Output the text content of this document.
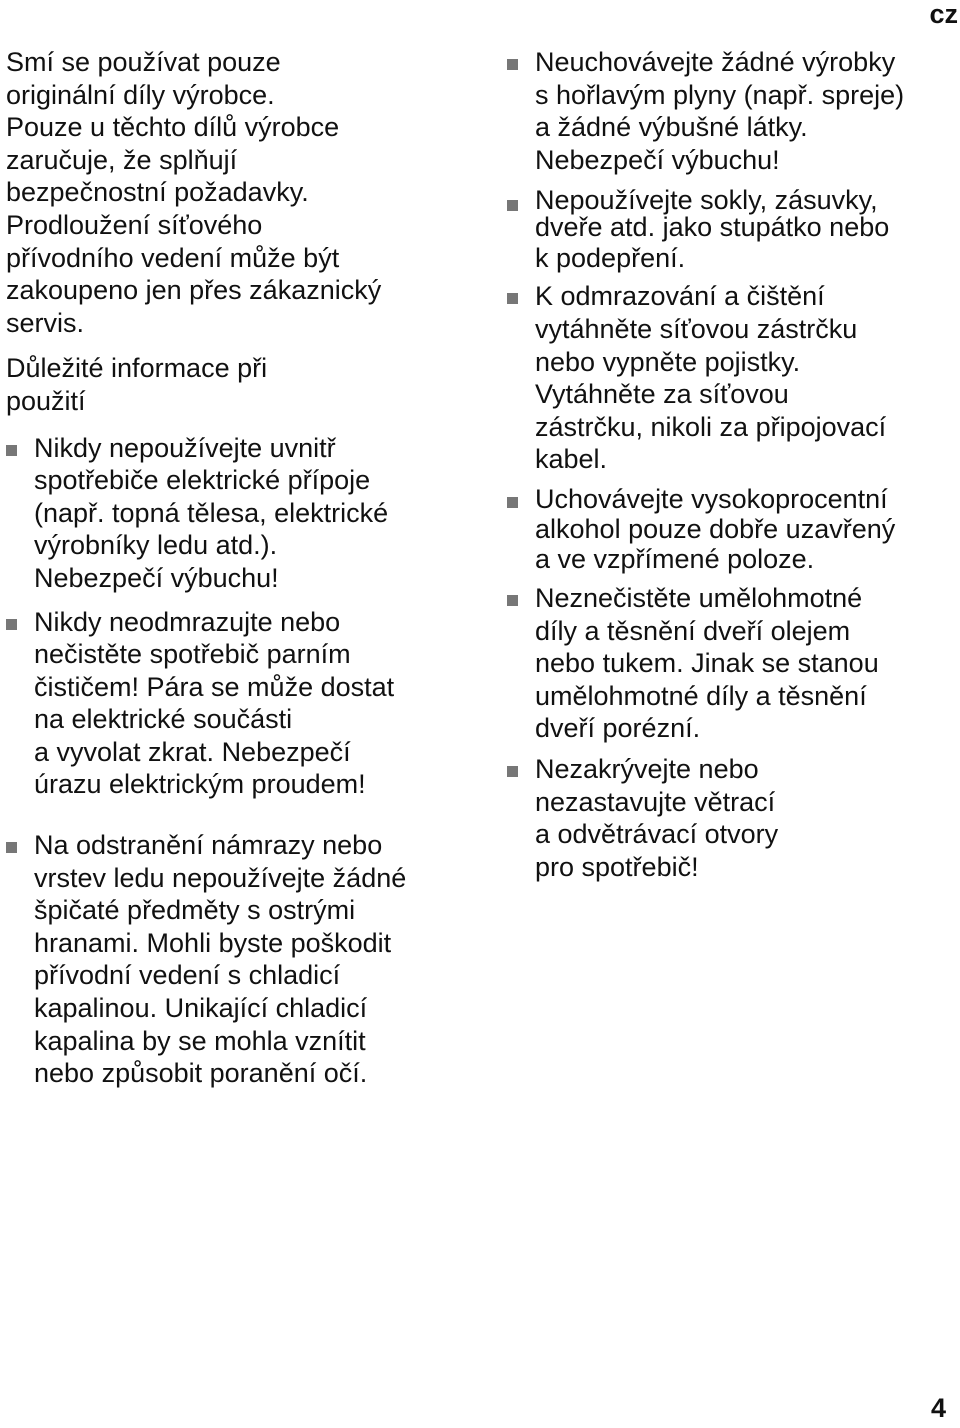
cz

Smí se používat pouze

originální díly výrobce.

Pouze u těchto dílů výrobce

zaručuje, že splňují

bezpečnostní požadavky.

Prodloužení síťového

přívodního vedení může být

zakoupeno jen přes zákaznický

servis.

Důležité informace při

použití

Nikdy nepoužívejte uvnitř

spotřebiče elektrické přípoje

(např. topná tělesa, elektrické

výrobníky ledu atd.).

Nebezpečí výbuchu!

Nikdy neodmrazujte nebo

nečistěte spotřebič parním

čističem! Pára se může dostat

na elektrické součásti

a vyvolat zkrat. Nebezpečí

úrazu elektrickým proudem!

Na odstranění námrazy nebo

vrstev ledu nepoužívejte žádné

špičaté předměty s ostrými

hranami. Mohli byste poškodit

přívodní vedení s chladicí

kapalinou. Unikající chladicí

kapalina by se mohla vznítit

nebo způsobit poranění očí.

Neuchovávejte žádné výrobky

s hořlavým plyny (např. spreje)

a žádné výbušné látky.

Nebezpečí výbuchu!

Nepoužívejte sokly, zásuvky,

dveře atd. jako stupátko nebo

k podepření.

K odmrazování a čištění

vytáhněte síťovou zástrčku

nebo vypněte pojistky.

Vytáhněte za síťovou

zástrčku, nikoli za připojovací

kabel.

Uchovávejte vysokoprocentní

alkohol pouze dobře uzavřený

a ve vzpřímené poloze.

Neznečistěte umělohmotné

díly a těsnění dveří olejem

nebo tukem. Jinak se stanou

umělohmotné díly a těsnění

dveří porézní.

Nezakrývejte nebo

nezastavujte větrací

a odvětrávací otvory

pro spotřebič!

4
